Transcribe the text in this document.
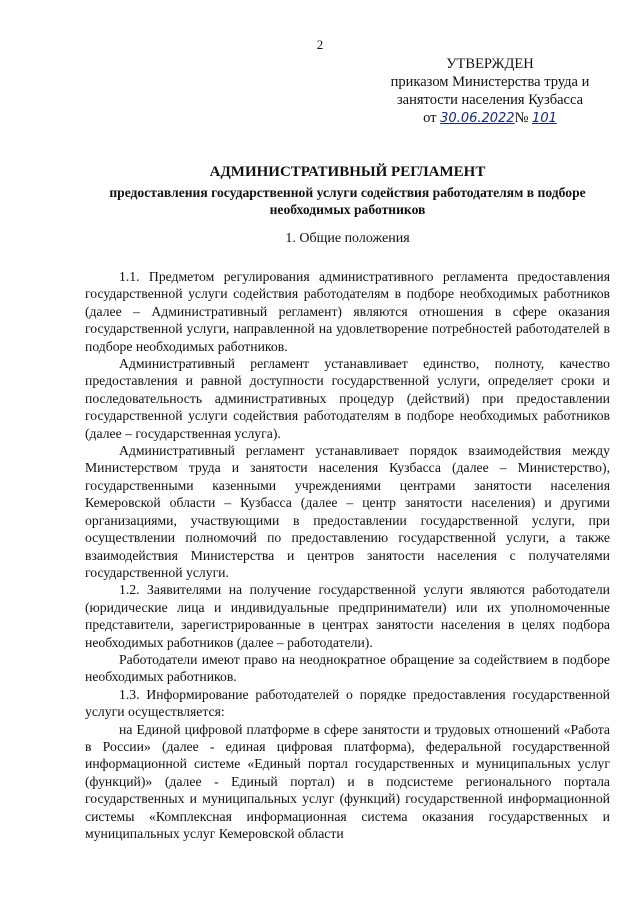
2
УТВЕРЖДЕН
приказом Министерства труда и
занятости населения Кузбасса
от 30.06.2022№ 101

АДМИНИСТРАТИВНЫЙ РЕГЛАМЕНТ

предоставления государственной услуги содействия работодателям в подборе необходимых работников

1. Общие положения

1.1. Предметом регулирования административного регламента предоставления государственной услуги содействия работодателям в подборе необходимых работников (далее – Административный регламент) являются отношения в сфере оказания государственной услуги, направленной на удовлетворение потребностей работодателей в подборе необходимых работников.

Административный регламент устанавливает единство, полноту, качество предоставления и равной доступности государственной услуги, определяет сроки и последовательность административных процедур (действий) при предоставлении государственной услуги содействия работодателям в подборе необходимых работников (далее – государственная услуга).

Административный регламент устанавливает порядок взаимодействия между Министерством труда и занятости населения Кузбасса (далее – Министерство), государственными казенными учреждениями центрами занятости населения Кемеровской области – Кузбасса (далее – центр занятости населения) и другими организациями, участвующими в предоставлении государственной услуги, при осуществлении полномочий по предоставлению государственной услуги, а также взаимодействия Министерства и центров занятости населения с получателями государственной услуги.

1.2. Заявителями на получение государственной услуги являются работодатели (юридические лица и индивидуальные предприниматели) или их уполномоченные представители, зарегистрированные в центрах занятости населения в целях подбора необходимых работников (далее – работодатели).

Работодатели имеют право на неоднократное обращение за содействием в подборе необходимых работников.

1.3. Информирование работодателей о порядке предоставления государственной услуги осуществляется:

на Единой цифровой платформе в сфере занятости и трудовых отношений «Работа в России» (далее - единая цифровая платформа), федеральной государственной информационной системе «Единый портал государственных и муниципальных услуг (функций)» (далее - Единый портал) и в подсистеме регионального портала государственных и муниципальных услуг (функций) государственной информационной системы «Комплексная информационная система оказания государственных и муниципальных услуг Кемеровской области
